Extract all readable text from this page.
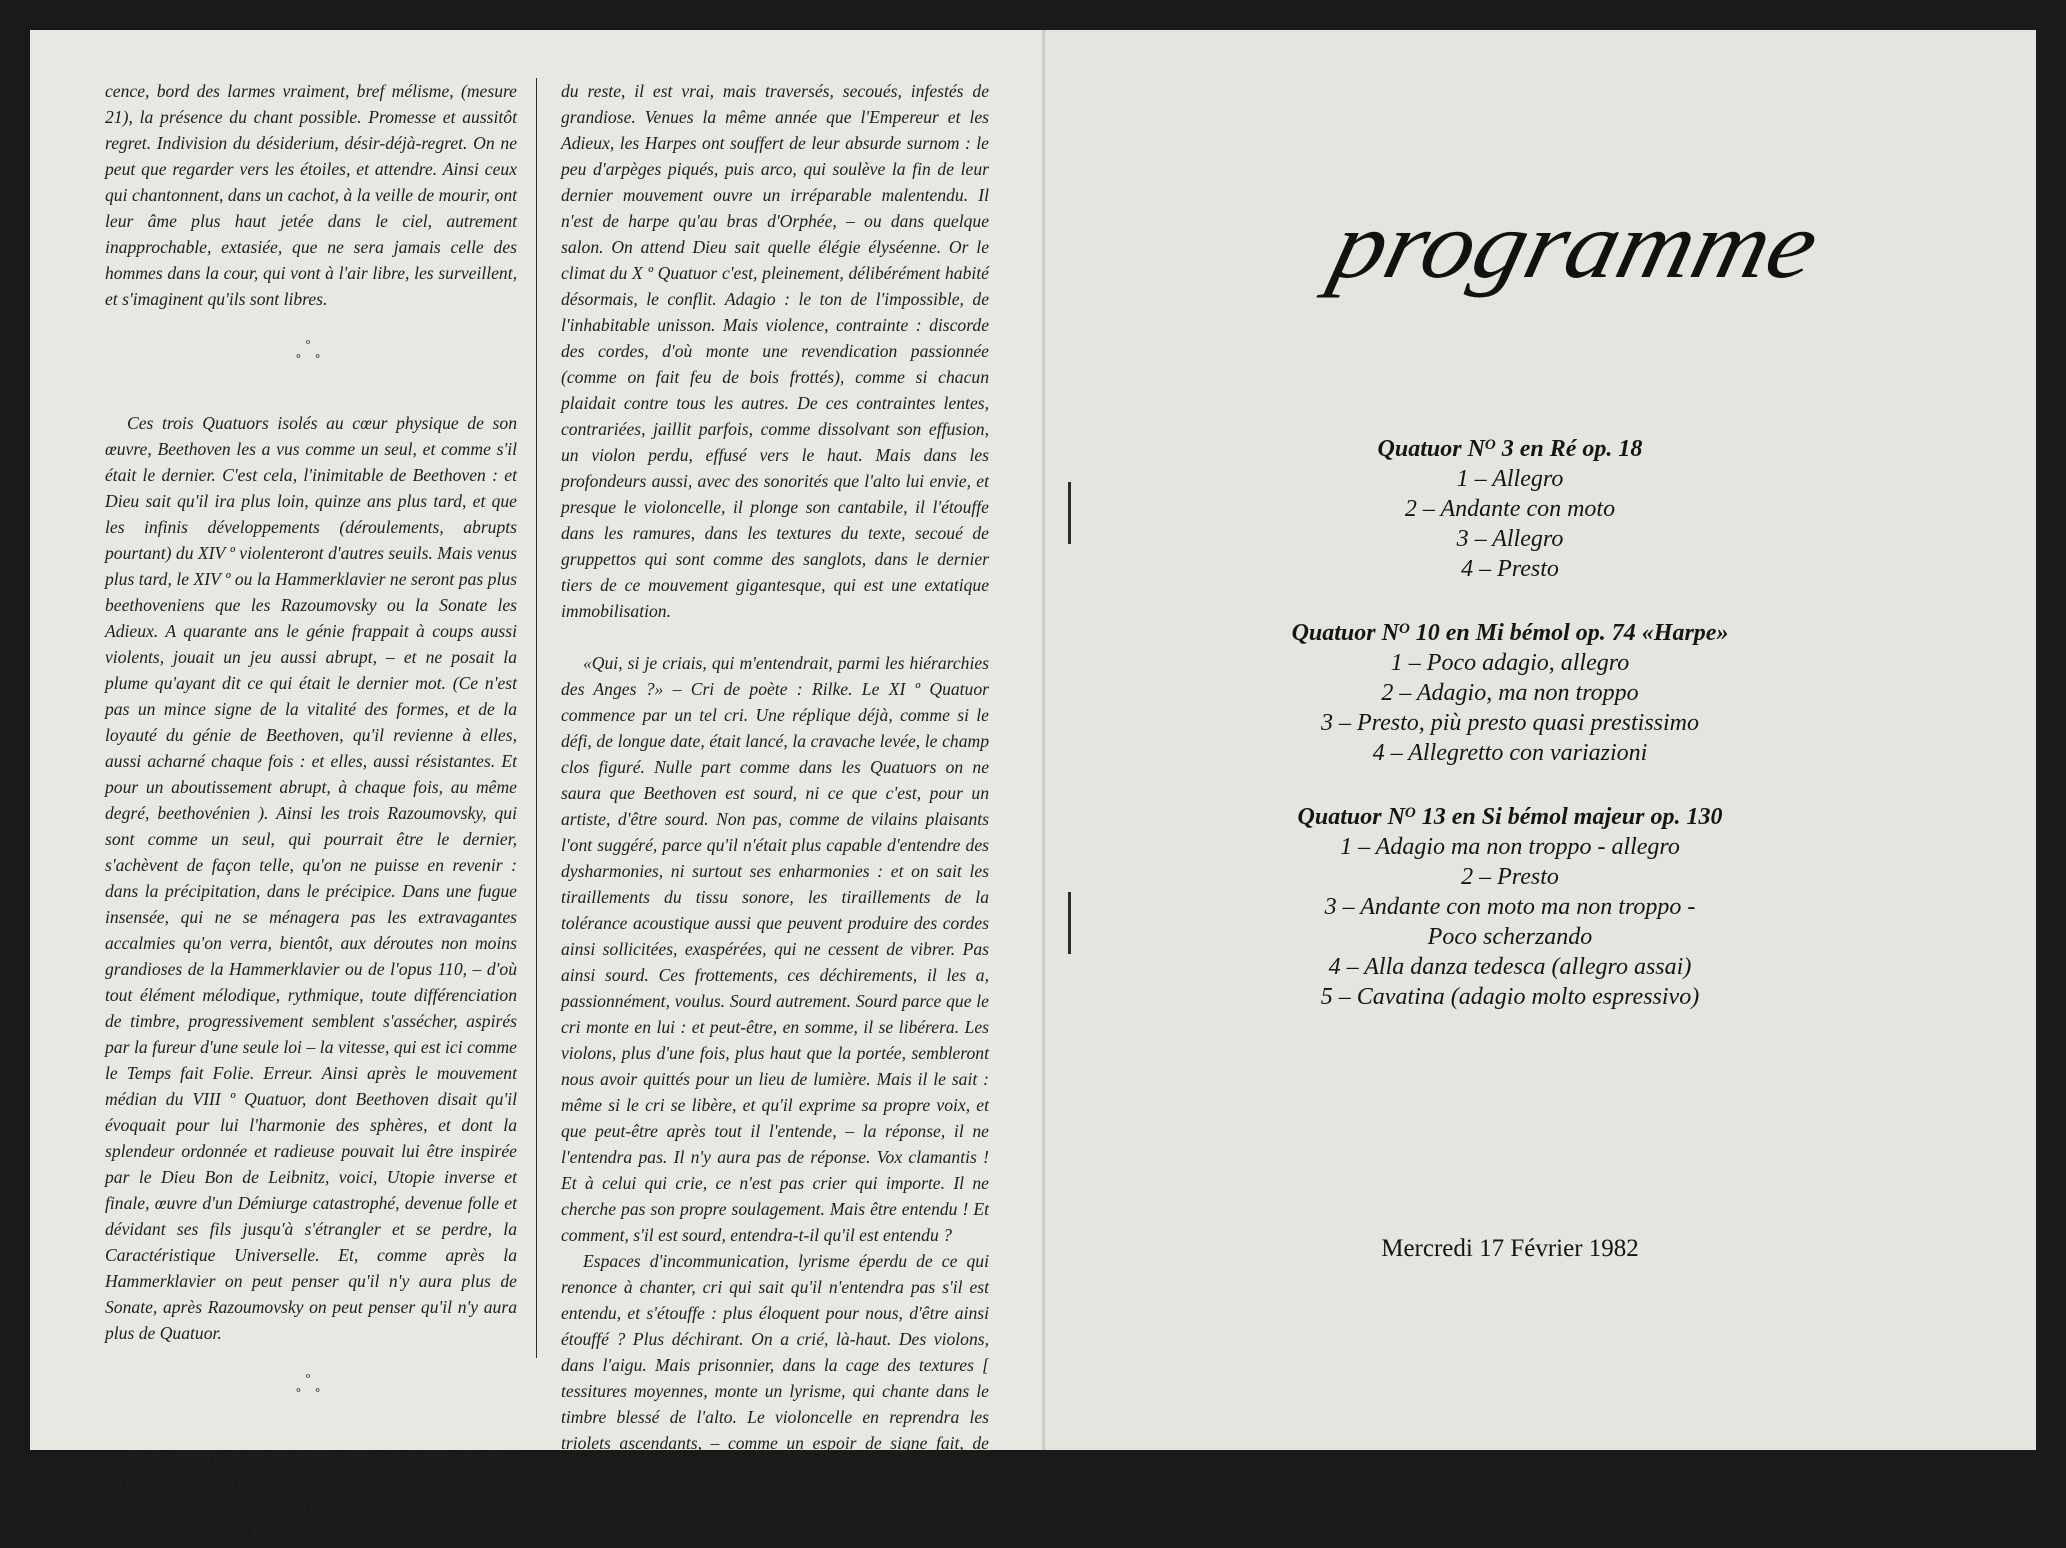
cence, bord des larmes vraiment, bref mélisme, (mesure 21), la présence du chant possible. Promesse et aussitôt regret. Indivision du désiderium, désir-déjà-regret. On ne peut que regarder vers les étoiles, et attendre. Ainsi ceux qui chantonnent, dans un cachot, à la veille de mourir, ont leur âme plus haut jetée dans le ciel, autrement inapprochable, extasiée, que ne sera jamais celle des hommes dans la cour, qui vont à l'air libre, les surveillent, et s'imaginent qu'ils sont libres.

º
º º

Ces trois Quatuors isolés au cœur physique de son œuvre, Beethoven les a vus comme un seul, et comme s'il était le dernier. C'est cela, l'inimitable de Beethoven : et Dieu sait qu'il ira plus loin, quinze ans plus tard, et que les infinis développements (déroulements, abrupts pourtant) du XIV º violenteront d'autres seuils. Mais venus plus tard, le XIV º ou la Hammerklavier ne seront pas plus beethoveniens que les Razoumovsky ou la Sonate les Adieux. A quarante ans le génie frappait à coups aussi violents, jouait un jeu aussi abrupt, – et ne posait la plume qu'ayant dit ce qui était le dernier mot. (Ce n'est pas un mince signe de la vitalité des formes, et de la loyauté du génie de Beethoven, qu'il revienne à elles, aussi acharné chaque fois : et elles, aussi résistantes. Et pour un aboutissement abrupt, à chaque fois, au même degré, beethovénien ). Ainsi les trois Razoumovsky, qui sont comme un seul, qui pourrait être le dernier, s'achèvent de façon telle, qu'on ne puisse en revenir : dans la précipitation, dans le précipice. Dans une fugue insensée, qui ne se ménagera pas les extravagantes accalmies qu'on verra, bientôt, aux déroutes non moins grandioses de la Hammerklavier ou de l'opus 110, – d'où tout élément mélodique, rythmique, toute différenciation de timbre, progressivement semblent s'assécher, aspirés par la fureur d'une seule loi – la vitesse, qui est ici comme le Temps fait Folie. Erreur. Ainsi après le mouvement médian du VIII º Quatuor, dont Beethoven disait qu'il évoquait pour lui l'harmonie des sphères, et dont la splendeur ordonnée et radieuse pouvait lui être inspirée par le Dieu Bon de Leibnitz, voici, Utopie inverse et finale, œuvre d'un Démiurge catastrophé, devenue folle et dévidant ses fils jusqu'à s'étrangler et se perdre, la Caractéristique Universelle. Et, comme après la Hammerklavier on peut penser qu'il n'y aura plus de Sonate, après Razoumovsky on peut penser qu'il n'y aura plus de Quatuor.

º
º º

Il en viendra deux pourtant, trois et quatre ans plus tard. Pics isolés. Gauches tous deux. Supposés malvenus, comme tout ce qui surgit, erratique, entre de saisissantes séries, – et méjugés. Boiteux

du reste, il est vrai, mais traversés, secoués, infestés de grandiose. Venues la même année que l'Empereur et les Adieux, les Harpes ont souffert de leur absurde surnom : le peu d'arpèges piqués, puis arco, qui soulève la fin de leur dernier mouvement ouvre un irréparable malentendu. Il n'est de harpe qu'au bras d'Orphée, – ou dans quelque salon. On attend Dieu sait quelle élégie élyséenne. Or le climat du X º Quatuor c'est, pleinement, délibérément habité désormais, le conflit. Adagio : le ton de l'impossible, de l'inhabitable unisson. Mais violence, contrainte : discorde des cordes, d'où monte une revendication passionnée (comme on fait feu de bois frottés), comme si chacun plaidait contre tous les autres. De ces contraintes lentes, contrariées, jaillit parfois, comme dissolvant son effusion, un violon perdu, effusé vers le haut. Mais dans les profondeurs aussi, avec des sonorités que l'alto lui envie, et presque le violoncelle, il plonge son cantabile, il l'étouffe dans les ramures, dans les textures du texte, secoué de gruppettos qui sont comme des sanglots, dans le dernier tiers de ce mouvement gigantesque, qui est une extatique immobilisation.

«Qui, si je criais, qui m'entendrait, parmi les hiérarchies des Anges ?» – Cri de poète : Rilke. Le XI º Quatuor commence par un tel cri. Une réplique déjà, comme si le défi, de longue date, était lancé, la cravache levée, le champ clos figuré. Nulle part comme dans les Quatuors on ne saura que Beethoven est sourd, ni ce que c'est, pour un artiste, d'être sourd. Non pas, comme de vilains plaisants l'ont suggéré, parce qu'il n'était plus capable d'entendre des dysharmonies, ni surtout ses enharmonies : et on sait les tiraillements du tissu sonore, les tiraillements de la tolérance acoustique aussi que peuvent produire des cordes ainsi sollicitées, exaspérées, qui ne cessent de vibrer. Pas ainsi sourd. Ces frottements, ces déchirements, il les a, passionnément, voulus. Sourd autrement. Sourd parce que le cri monte en lui : et peut-être, en somme, il se libérera. Les violons, plus d'une fois, plus haut que la portée, sembleront nous avoir quittés pour un lieu de lumière. Mais il le sait : même si le cri se libère, et qu'il exprime sa propre voix, et que peut-être après tout il l'entende, – la réponse, il ne l'entendra pas. Il n'y aura pas de réponse. Vox clamantis ! Et à celui qui crie, ce n'est pas crier qui importe. Il ne cherche pas son propre soulagement. Mais être entendu ! Et comment, s'il est sourd, entendra-t-il qu'il est entendu ?

Espaces d'incommunication, lyrisme éperdu de ce qui renonce à chanter, cri qui sait qu'il n'entendra pas s'il est entendu, et s'étouffe : plus éloquent pour nous, d'être ainsi étouffé ? Plus déchirant. On a crié, là-haut. Des violons, dans l'aigu. Mais prisonnier, dans la cage des textures [ tessitures moyennes, monte un lyrisme, qui chante dans le timbre blessé de l'alto. Le violoncelle en reprendra les triolets ascendants, – comme un espoir de signe fait, de réponse perçue. Et le second violon. Jamais

programme

Quatuor $N^O$ 3 en Ré op. 18

1 – Allegro

2 – Andante con moto

3 – Allegro

4 – Presto

Quatuor $N^O$ 10 en Mi bémol op. 74 «Harpe»

1 – Poco adagio, allegro

2 – Adagio, ma non troppo

3 – Presto, più presto quasi prestissimo

4 – Allegretto con variazioni

Quatuor $N^O$ 13 en Si bémol majeur op. 130

1 – Adagio ma non troppo - allegro

2 – Presto

3 – Andante con moto ma non troppo -

Poco scherzando

4 – Alla danza tedesca (allegro assai)

5 – Cavatina (adagio molto espressivo)

Mercredi 17 Février 1982
